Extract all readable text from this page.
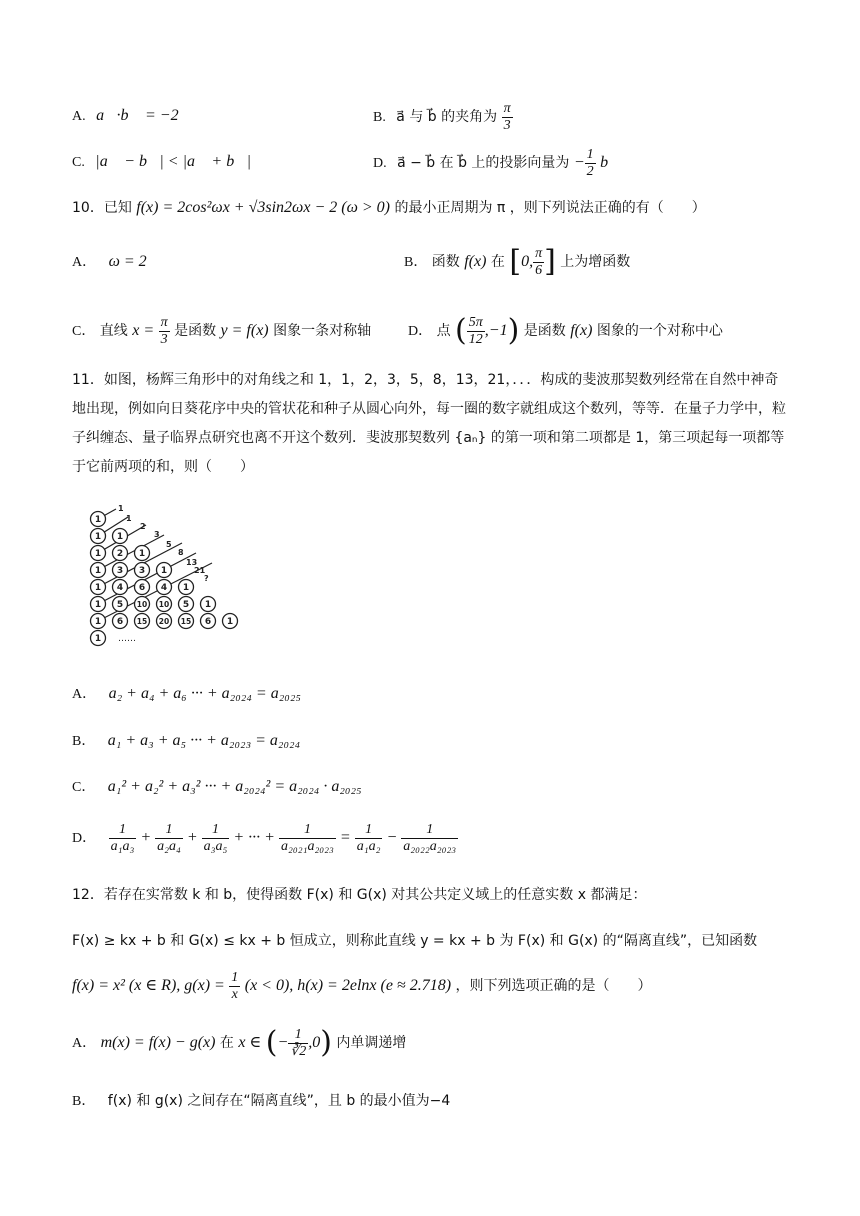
A. a⃗·b⃗ = −2	B. a⃗ 与 b⃗ 的夹角为 $\frac{\pi}{3}$
C. |a⃗ − b⃗| < |a⃗ + b⃗|	D. a⃗ − b⃗ 在 b⃗ 上的投影向量为 − $\frac{1}{2}$ b⃗
10．已知 f(x) = 2cos²ωx + √3sin2ωx − 2 (ω > 0) 的最小正周期为 π ，则下列说法正确的有（　　）
A． ω = 2	B． 函数 f(x) 在 [0, $\frac{\pi}{6}$ ] 上为增函数
C． 直线 $x = \frac{\pi}{3}$ 是函数 y = f(x) 图象一条对称轴	D． 点 ( $\frac{5\pi}{12} ,-1$) 是函数 f(x) 图象的一个对称中心
11．如图，杨辉三角形中的对角线之和 1，1，2，3，5，8，13，21，．．．构成的斐波那契数列经常在自然中神奇地出现，例如向日葵花序中央的管状花和种子从圆心向外，每一圈的数字就组成这个数列，等等．在量子力学中，粒子纠缠态、量子临界点研究也离不开这个数列．斐波那契数列 {aₙ} 的第一项和第二项都是 1，第三项起每一项都等于它前两项的和，则（　　）
1
1 1
1 2 1
1 3 3 1
1 4 6 4 1
1 5 10 10 5 1
1 6 15 20 15 6 1
1 ……
1
1
2
3
5
8
13
21
?
A． a₂ + a₄ + a₆ ··· + a₂₀₂₄ = a₂₀₂₅
B． a₁ + a₃ + a₅ ··· + a₂₀₂₃ = a₂₀₂₄
C． a₁² + a₂² + a₃² ··· + a₂₀₂₄² = a₂₀₂₄ · a₂₀₂₅
D． $\frac{1}{\text{a₁a₃}} + \frac{1}{\text{a₂a₄}} + \frac{1}{\text{a₃a₅}}$ + ··· + $\frac{1}{\text{a₂₀₂₁a₂₀₂₃}} = \frac{1}{\text{a₁a₂}} - \frac{1}{\text{a₂₀₂₂a₂₀₂₃}}$
12．若存在实常数 k 和 b，使得函数 F(x) 和 G(x) 对其公共定义域上的任意实数 x 都满足：
F(x) ≥ kx + b 和 G(x) ≤ kx + b 恒成立，则称此直线 y = kx + b 为 F(x) 和 G(x) 的“隔离直线”，已知函数
f(x) = x² (x ∈ R), $g(x) = \frac{1}{x} (x < 0)$, h(x) = 2elnx (e ≈ 2.718) ，则下列选项正确的是（　　）
A． m(x) = f(x) − g(x) 在 x ∈ (− $\frac{1}{∛2} ,0$) 内单调递增
B． f(x) 和 g(x) 之间存在“隔离直线”，且 b 的最小值为−4
